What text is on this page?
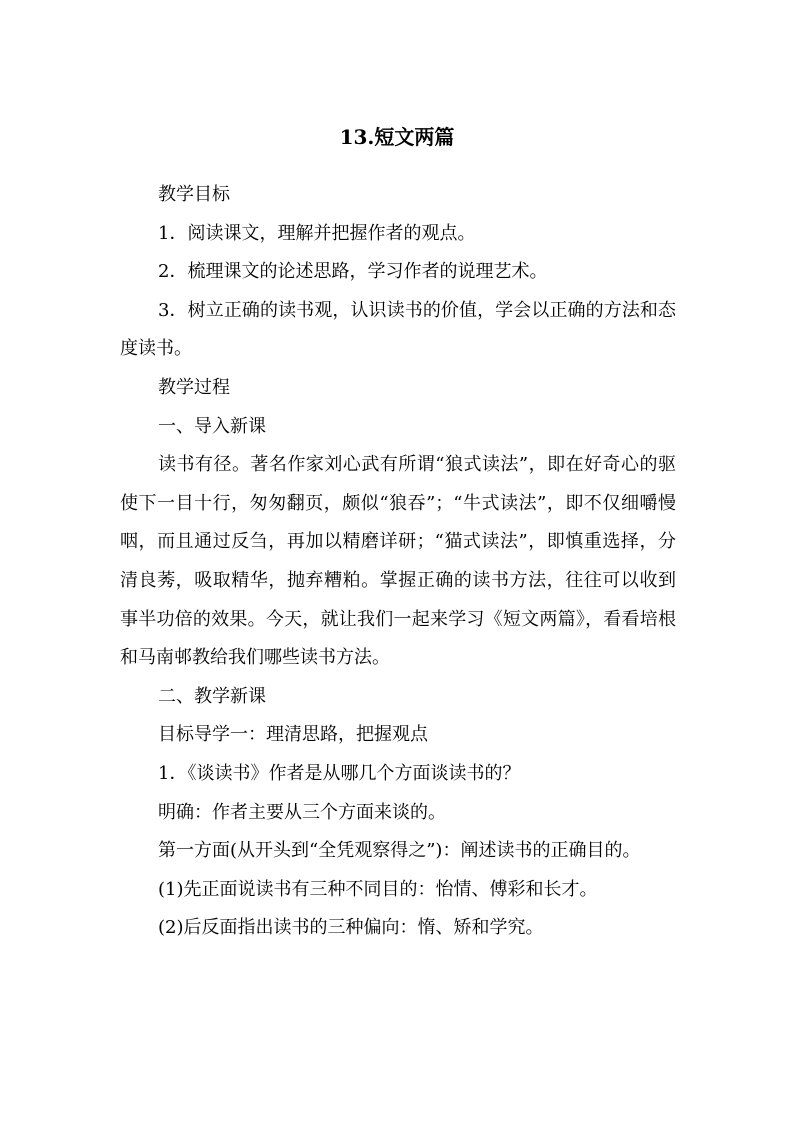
13.短文两篇

教学目标

1．阅读课文，理解并把握作者的观点。

2．梳理课文的论述思路，学习作者的说理艺术。

3．树立正确的读书观，认识读书的价值，学会以正确的方法和态度读书。

教学过程

一、导入新课

读书有径。著名作家刘心武有所谓“狼式读法”，即在好奇心的驱使下一目十行，匆匆翻页，颇似“狼吞”；“牛式读法”，即不仅细嚼慢咽，而且通过反刍，再加以精磨详研；“猫式读法”，即慎重选择，分清良莠，吸取精华，抛弃糟粕。掌握正确的读书方法，往往可以收到事半功倍的效果。今天，就让我们一起来学习《短文两篇》，看看培根和马南邨教给我们哪些读书方法。

二、教学新课

目标导学一：理清思路，把握观点

1．《谈读书》作者是从哪几个方面谈读书的？

明确：作者主要从三个方面来谈的。

第一方面(从开头到“全凭观察得之”)：阐述读书的正确目的。

(1)先正面说读书有三种不同目的：怡情、傅彩和长才。

(2)后反面指出读书的三种偏向：惰、矫和学究。
